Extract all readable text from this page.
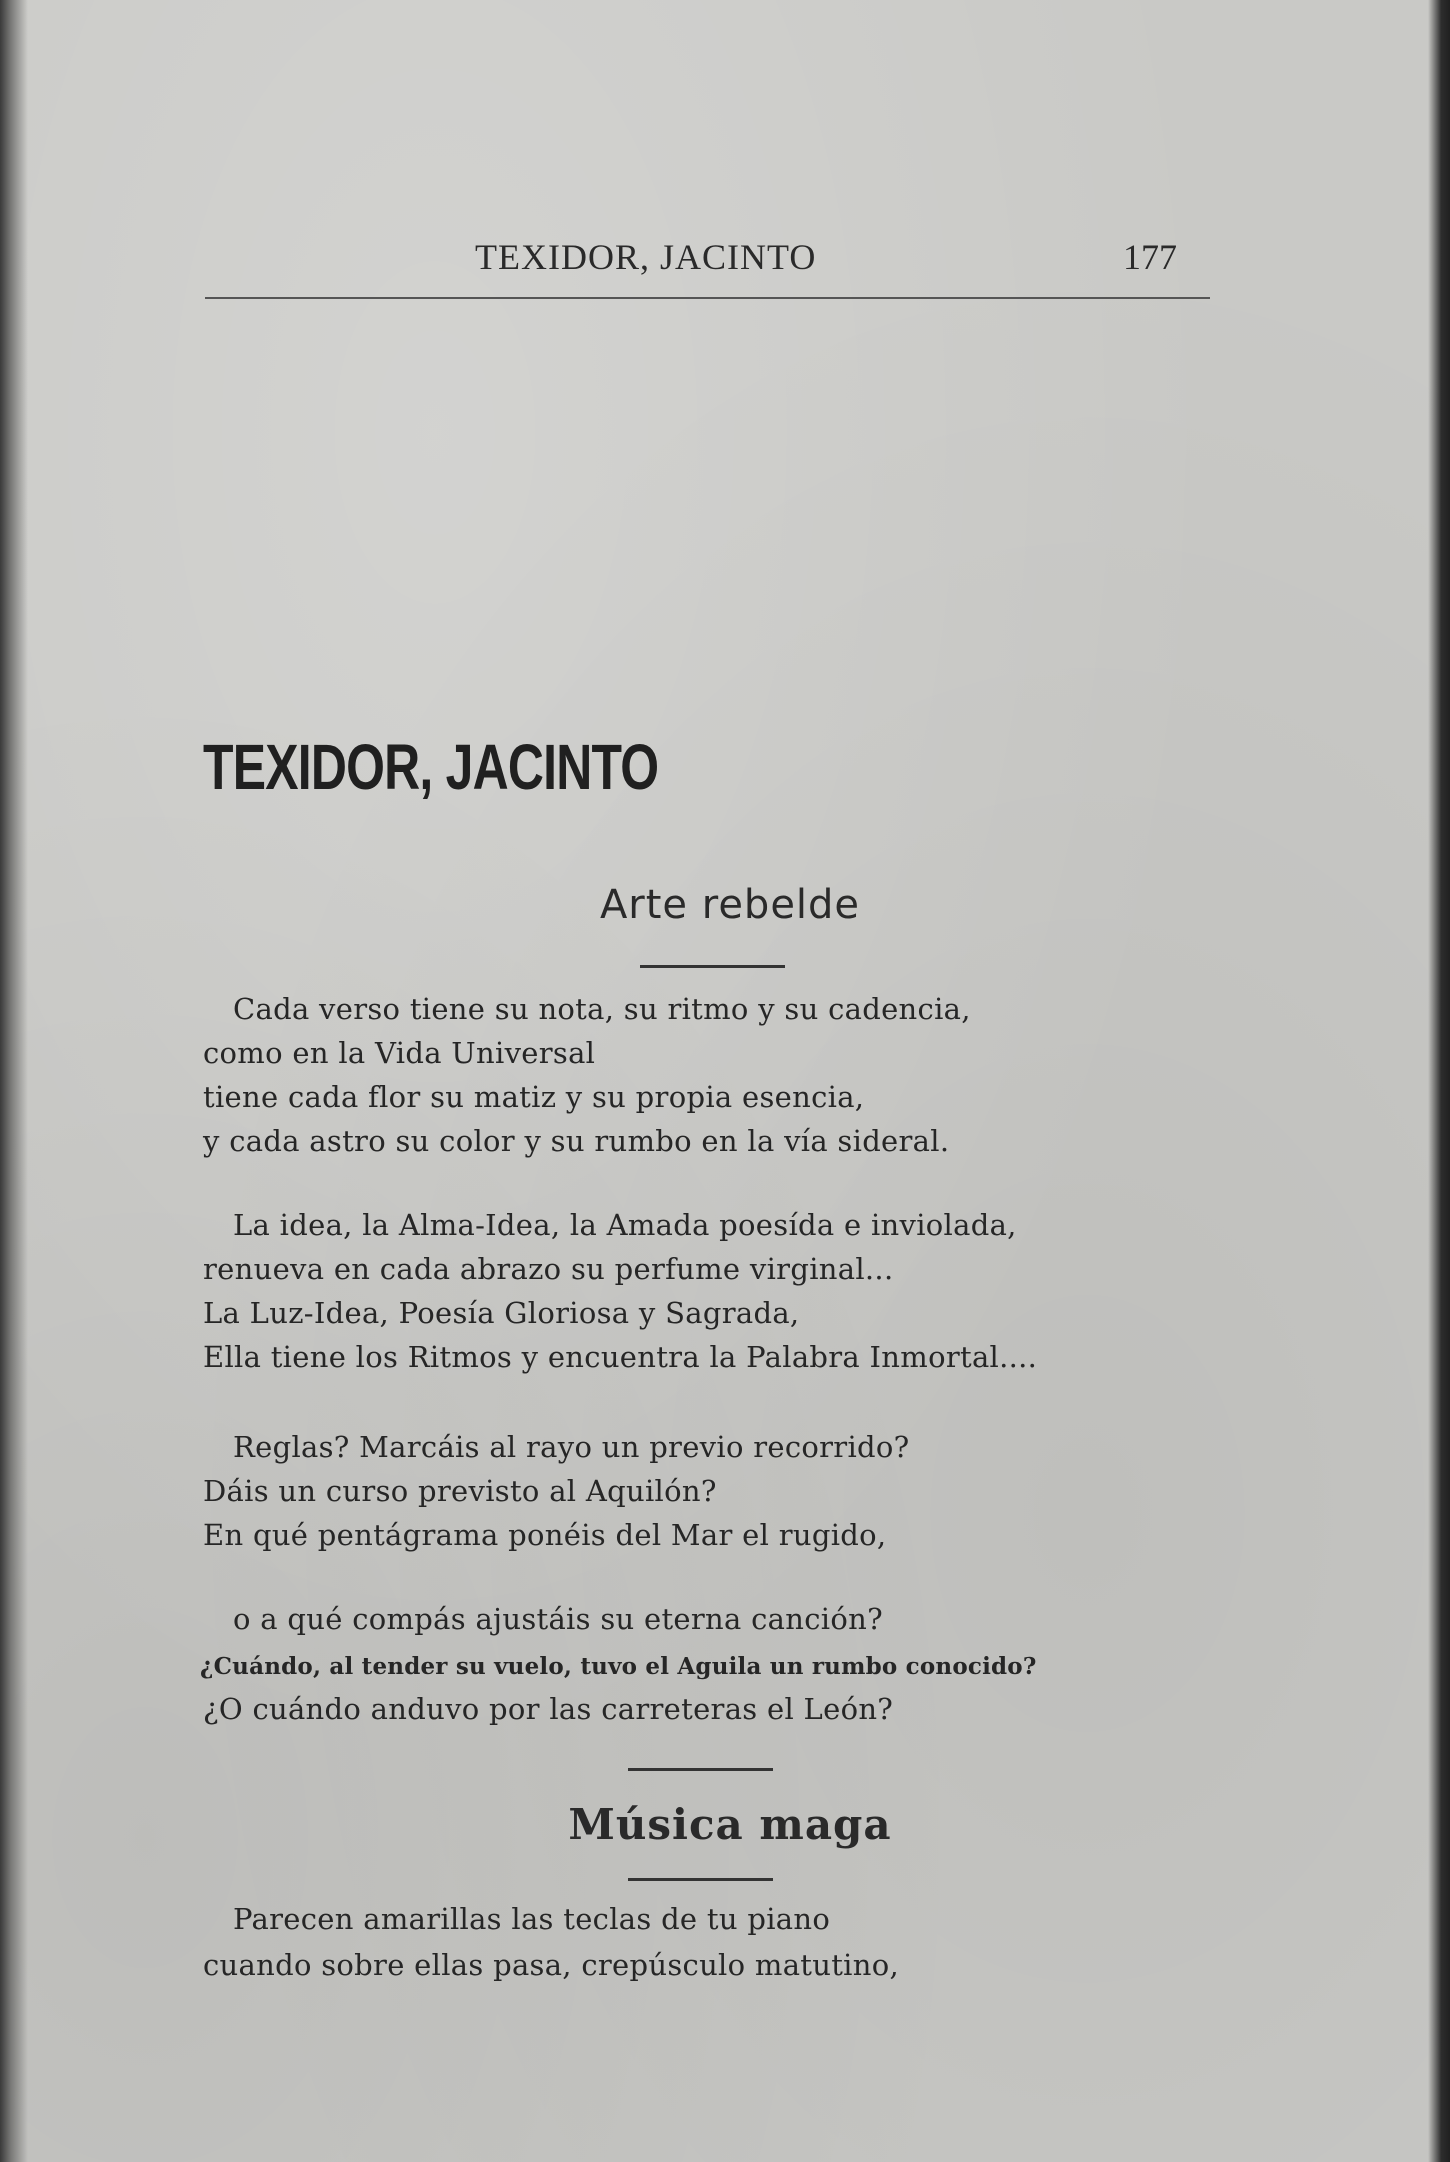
TEXIDOR, JACINTO	177
TEXIDOR, JACINTO
Arte rebelde
Cada verso tiene su nota, su ritmo y su cadencia,
como en la Vida Universal
tiene cada flor su matiz y su propia esencia,
y cada astro su color y su rumbo en la vía sideral.
La idea, la Alma-Idea, la Amada poesída e inviolada,
renueva en cada abrazo su perfume virginal...
La Luz-Idea, Poesía Gloriosa y Sagrada,
Ella tiene los Ritmos y encuentra la Palabra Inmortal....
Reglas? Marcáis al rayo un previo recorrido?
Dáis un curso previsto al Aquilón?
En qué pentágrama ponéis del Mar el rugido,
o a qué compás ajustáis su eterna canción?
¿Cuándo, al tender su vuelo, tuvo el Aguila un rumbo conocido?
¿O cuándo anduvo por las carreteras el León?
Música maga
Parecen amarillas las teclas de tu piano
cuando sobre ellas pasa, crepúsculo matutino,
